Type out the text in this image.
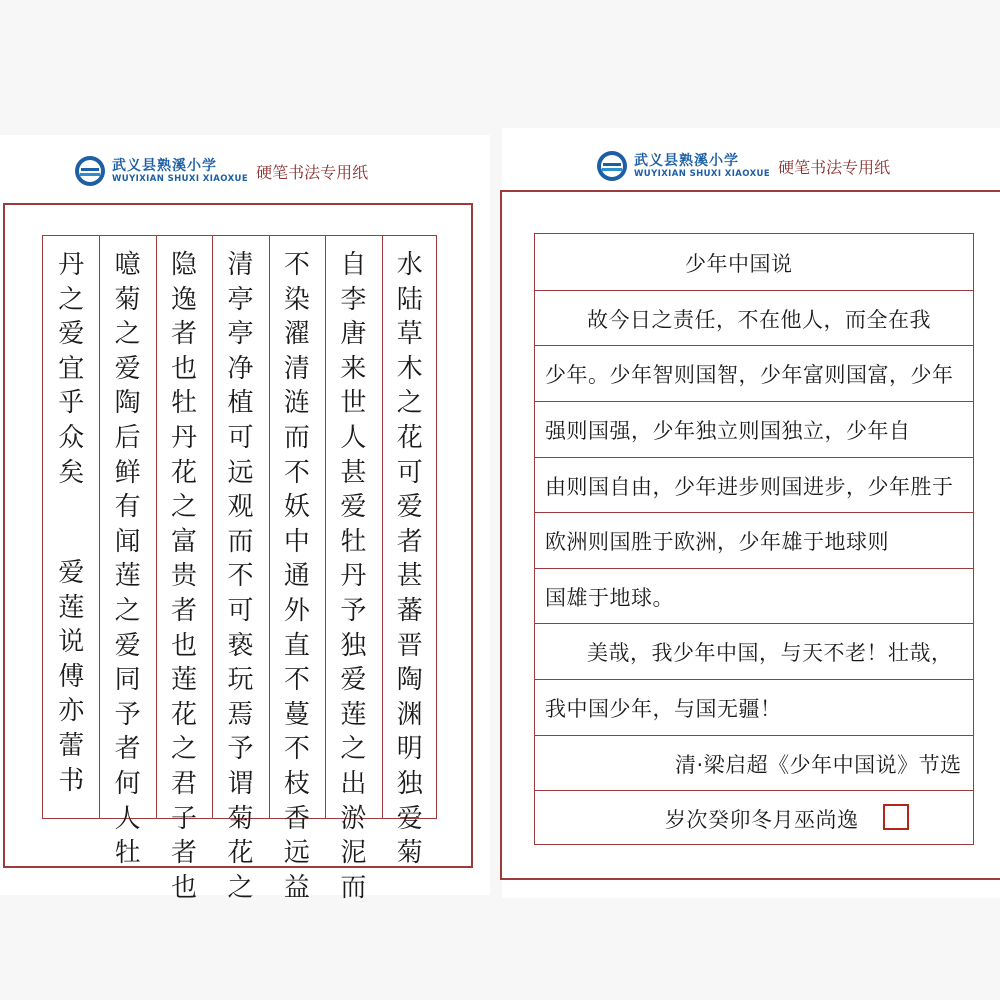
武义县熟溪小学
WUYIXIAN SHUXI XIAOXUE 硬笔书法专用纸
水
陆
草
木
之
花
可
爱
者
甚
蕃
晋
陶
渊
明
独
爱
菊
自
李
唐
来
世
人
甚
爱
牡
丹
予
独
爱
莲
之
出
淤
泥
而
不
染
濯
清
涟
而
不
妖
中
通
外
直
不
蔓
不
枝
香
远
益
清
亭
亭
净
植
可
远
观
而
不
可
亵
玩
焉
予
谓
菊
花
之
隐
逸
者
也
牡
丹
花
之
富
贵
者
也
莲
花
之
君
子
者
也
噫
菊
之
爱
陶
后
鲜
有
闻
莲
之
爱
同
予
者
何
人
牡
丹
之
爱
宜
乎
众
矣
爱
莲
说
傅
亦
蕾
书
武义县熟溪小学
WUYIXIAN SHUXI XIAOXUE 硬笔书法专用纸
少年中国说
故今日之责任，不在他人，而全在我
少年。少年智则国智，少年富则国富，少年
强则国强，少年独立则国独立，少年自
由则国自由，少年进步则国进步，少年胜于
欧洲则国胜于欧洲，少年雄于地球则
国雄于地球。
美哉，我少年中国，与天不老！壮哉，
我中国少年，与国无疆！
清·梁启超《少年中国说》节选
岁次癸卯冬月巫尚逸
